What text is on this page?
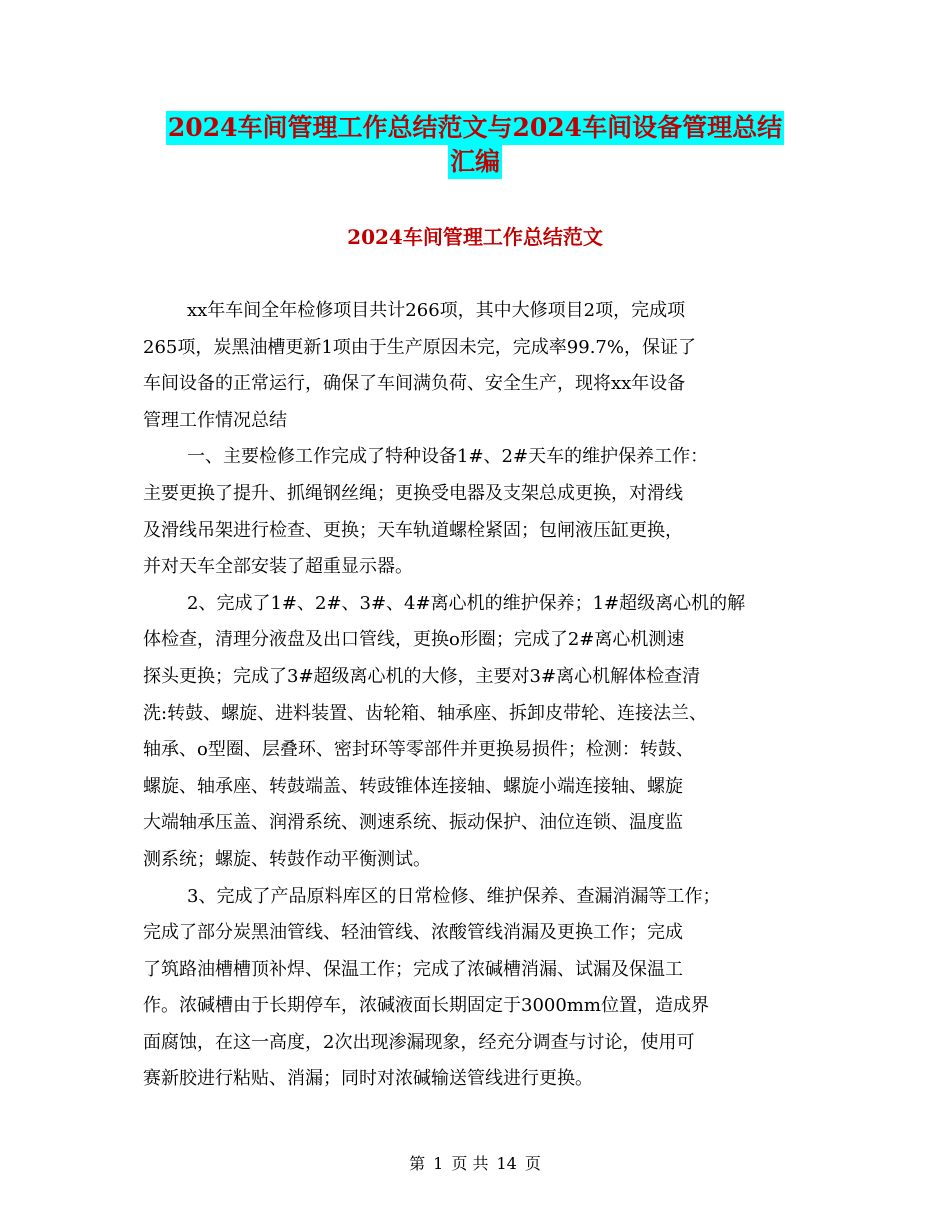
2024车间管理工作总结范文与2024车间设备管理总结
汇编
2024车间管理工作总结范文
xx年车间全年检修项目共计266项，其中大修项目2项，完成项
265项，炭黑油槽更新1项由于生产原因未完，完成率99.7%，保证了
车间设备的正常运行，确保了车间满负荷、安全生产，现将xx年设备
管理工作情况总结
一、主要检修工作完成了特种设备1#、2#天车的维护保养工作：
主要更换了提升、抓绳钢丝绳；更换受电器及支架总成更换，对滑线
及滑线吊架进行检查、更换；天车轨道螺栓紧固；包闸液压缸更换，
并对天车全部安装了超重显示器。
2、完成了1#、2#、3#、4#离心机的维护保养；1#超级离心机的解
体检查，清理分液盘及出口管线，更换o形圈；完成了2#离心机测速
探头更换；完成了3#超级离心机的大修，主要对3#离心机解体检查清
洗:转鼓、螺旋、进料装置、齿轮箱、轴承座、拆卸皮带轮、连接法兰、
轴承、o型圈、层叠环、密封环等零部件并更换易损件；检测：转鼓、
螺旋、轴承座、转鼓端盖、转豉锥体连接轴、螺旋小端连接轴、螺旋
大端轴承压盖、润滑系统、测速系统、振动保护、油位连锁、温度监
测系统；螺旋、转鼓作动平衡测试。
3、完成了产品原料库区的日常检修、维护保养、查漏消漏等工作；
完成了部分炭黑油管线、轻油管线、浓酸管线消漏及更换工作；完成
了筑路油槽槽顶补焊、保温工作；完成了浓碱槽消漏、试漏及保温工
作。浓碱槽由于长期停车，浓碱液面长期固定于3000mm位置，造成界
面腐蚀，在这一高度，2次出现渗漏现象，经充分调查与讨论，使用可
赛新胶进行粘贴、消漏；同时对浓碱输送管线进行更换。
第 1 页 共 14 页
